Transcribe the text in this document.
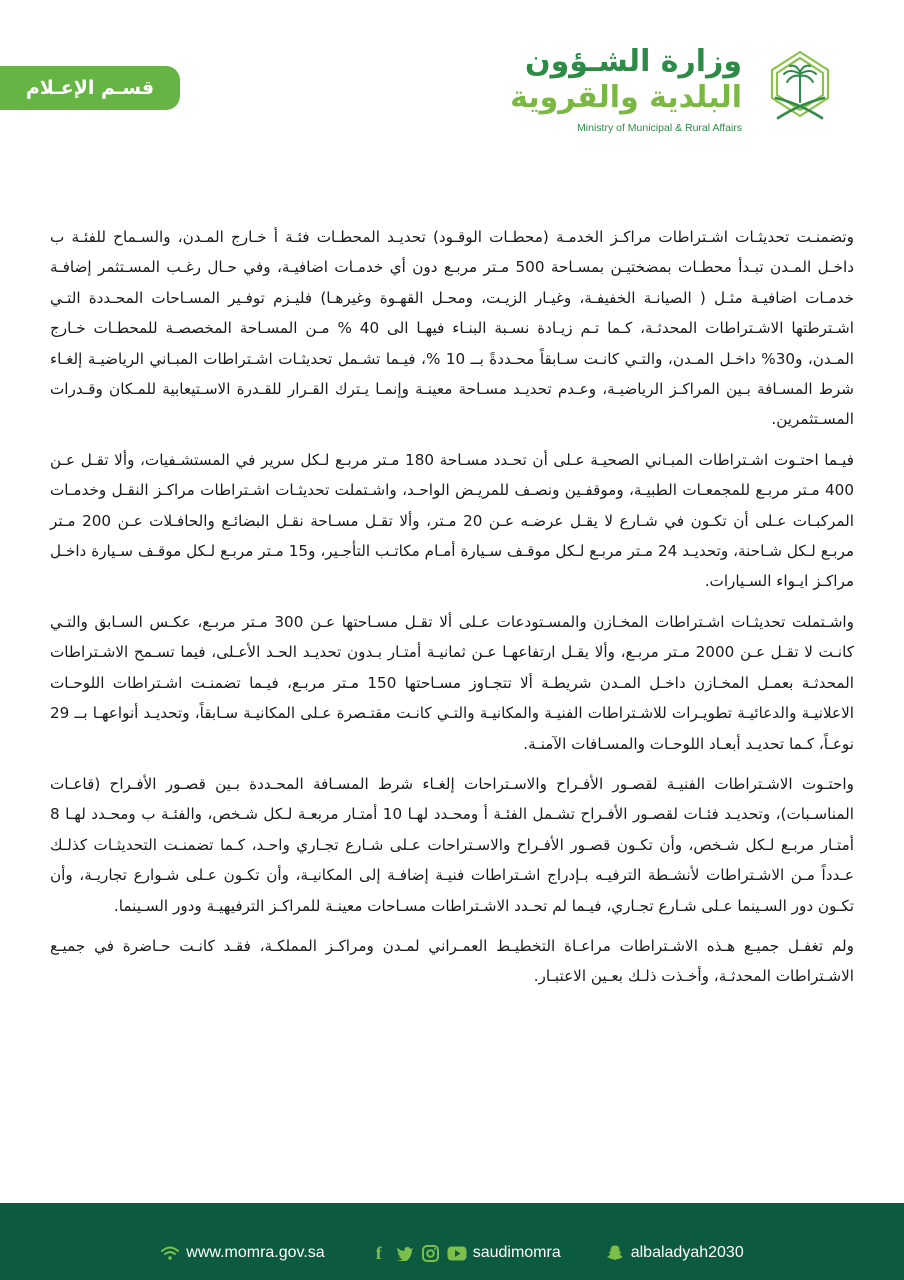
قسـم الإعـلام
وزارة الشـؤون
البلدية والقروية
Ministry of Municipal & Rural Affairs

وتضمنـت تحديثـات اشـتراطات مراكـز الخدمـة (محطـات الوقـود) تحديـد المحطـات فئـة أ خـارج المـدن، والسـماح للفئـة ب داخـل المـدن تبـدأ محطـات بمضختيـن بمسـاحة 500 مـتر مربـع دون أي خدمـات اضافيـة، وفي حـال رغـب المسـتثمر إضافـة خدمـات اضافيـة مثـل ( الصيانـة الخفيفـة، وغيـار الزيـت، ومحـل القهـوة وغيرهـا) فليـزم توفـير المسـاحات المحـددة التـي اشـترطتها الاشـتراطات المحدثـة، كـما تـم زيـادة نسـبة البنـاء فيهـا الى 40 % مـن المسـاحة المخصصـة للمحطـات خـارج المـدن، و30% داخـل المـدن، والتـي كانـت سـابقاً محـددةً بــ 10 %، فيـما تشـمل تحديثـات اشـتراطات المبـاني الرياضيـة إلغـاء شرط المسـافة بـين المراكـز الرياضيـة، وعـدم تحديـد مسـاحة معينـة وإنمـا يـترك القـرار للقـدرة الاسـتيعابية للمـكان وقـدرات المسـتثمرين.

فيـما احتـوت اشـتراطات المبـاني الصحيـة عـلى أن تحـدد مسـاحة 180 مـتر مربـع لـكل سرير في المستشـفيات، وألا تقـل عـن 400 مـتر مربـع للمجمعـات الطبيـة، وموقفـين ونصـف للمريـض الواحـد، واشـتملت تحديثـات اشـتراطات مراكـز النقـل وخدمـات المركبـات عـلى أن تكـون في شـارع لا يقـل عرضـه عـن 20 مـتر، وألا تقـل مسـاحة نقـل البضائـع والحافـلات عـن 200 مـتر مربـع لـكل شـاحنة، وتحديـد 24 مـتر مربـع لـكل موقـف سـيارة أمـام مكاتـب التأجـير، و15 مـتر مربـع لـكل موقـف سـيارة داخـل مراكـز ايـواء السـيارات.

واشـتملت تحديثـات اشـتراطات المخـازن والمسـتودعات عـلى ألا تقـل مسـاحتها عـن 300 مـتر مربـع، عكـس السـابق والتـي كانـت لا تقـل عـن 2000 مـتر مربـع، وألا يقـل ارتفاعهـا عـن ثمانيـة أمتـار بـدون تحديـد الحـد الأعـلى، فيما تسـمح الاشـتراطات المحدثـة بعمـل المخـازن داخـل المـدن شريطـة ألا تتجـاوز مسـاحتها 150 مـتر مربـع، فيـما تضمنـت اشـتراطات اللوحـات الاعلانيـة والدعائيـة تطويـرات للاشـتراطات الفنيـة والمكانيـة والتـي كانـت مقتـصرة عـلى المكانيـة سـابقاً، وتحديـد أنواعهـا بــ 29 نوعـاً، كـما تحديـد أبعـاد اللوحـات والمسـافات الآمنـة.

واحتـوت الاشـتراطات الفنيـة لقصـور الأفـراح والاسـتراحات إلغـاء شرط المسـافة المحـددة بـين قصـور الأفـراح (قاعـات المناسـبات)، وتحديـد فئـات لقصـور الأفـراح تشـمل الفئـة أ ومحـدد لهـا 10 أمتـار مربعـة لـكل شـخص، والفئـة ب ومحـدد لهـا 8 أمتـار مربـع لـكل شـخص، وأن تكـون قصـور الأفـراح والاسـتراحات عـلى شـارع تجـاري واحـد، كـما تضمنـت التحديثـات كذلـك عـدداً مـن الاشـتراطات لأنشـطة الترفيـه بـإدراج اشـتراطات فنيـة إضافـة إلى المكانيـة، وأن تكـون عـلى شـوارع تجاريـة، وأن تكـون دور السـينما عـلى شـارع تجـاري، فيـما لم تحـدد الاشـتراطات مسـاحات معينـة للمراكـز الترفيهيـة ودور السـينما.

ولم تغفـل جميـع هـذه الاشـتراطات مراعـاة التخطيـط العمـراني لمـدن ومراكـز المملكـة، فقـد كانـت حـاضرة في جميـع الاشـتراطات المحدثـة، وأخـذت ذلـك بعـين الاعتبـار.

www.momra.gov.sa	f	saudimomra	albaladyah2030
